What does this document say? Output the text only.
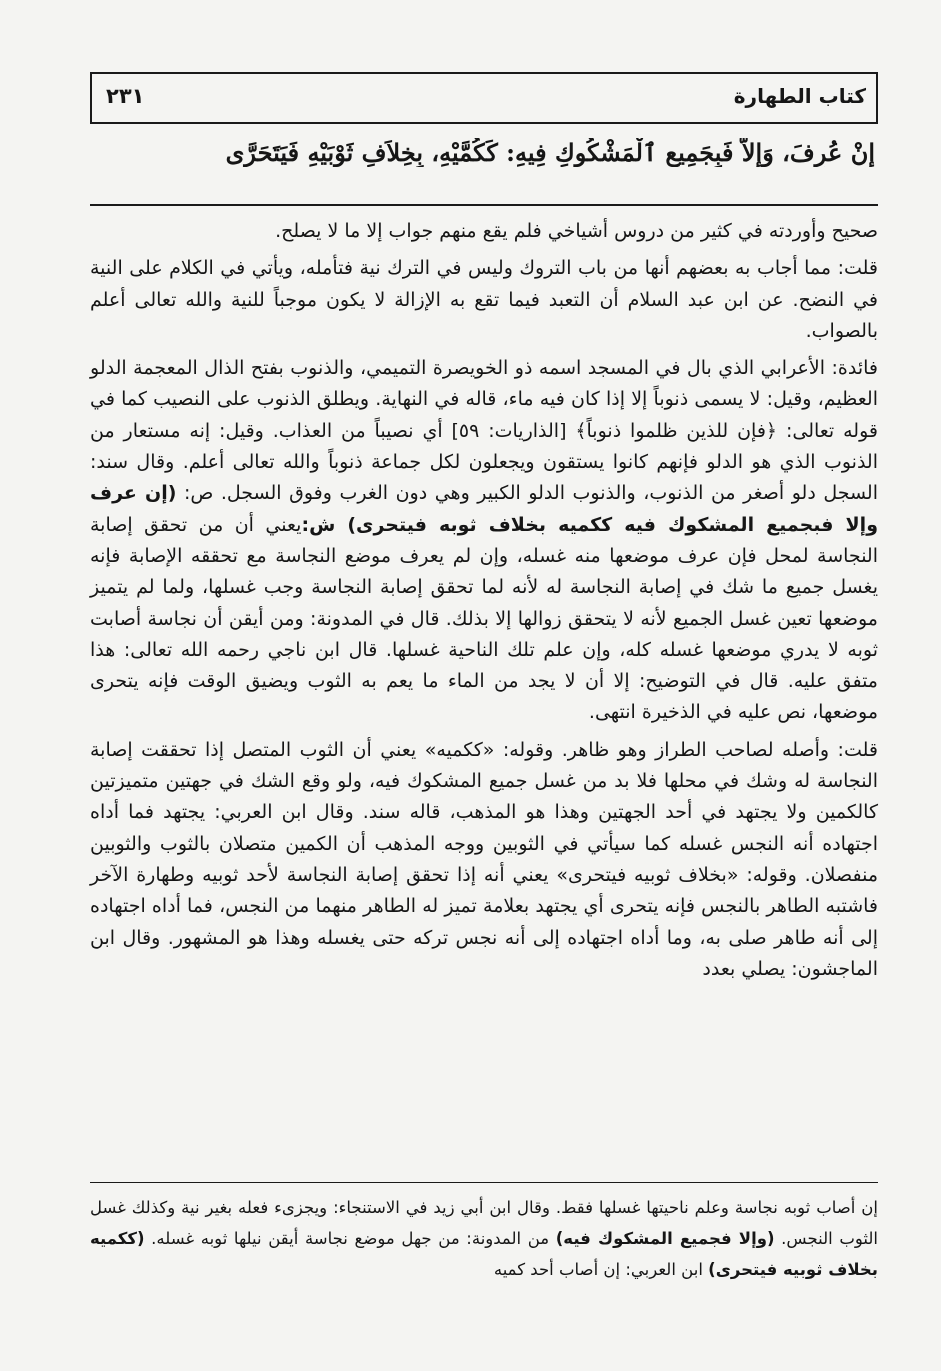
كتاب الطهارة
٢٣١
إِنْ عُرِفَ، وَإِلاَّ فَبِجَمِيعِ ٱلْمَشْكُوكِ فِيهِ: كَكُمَّيْهِ، بِخِلاَفِ ثَوْبَيْهِ فَيَتَحَرَّى

صحيح وأوردته في كثير من دروس أشياخي فلم يقع منهم جواب إلا ما لا يصلح.

قلت: مما أجاب به بعضهم أنها من باب التروك وليس في الترك نية فتأمله، ويأتي في الكلام على النية في النضح. عن ابن عبد السلام أن التعبد فيما تقع به الإزالة لا يكون موجباً للنية والله تعالى أعلم بالصواب.

فائدة: الأعرابي الذي بال في المسجد اسمه ذو الخويصرة التميمي، والذنوب بفتح الذال المعجمة الدلو العظيم، وقيل: لا يسمى ذنوباً إلا إذا كان فيه ماء، قاله في النهاية. ويطلق الذنوب على النصيب كما في قوله تعالى: ﴿فإن للذين ظلموا ذنوباً﴾ [الذاريات: ٥٩] أي نصيباً من العذاب. وقيل: إنه مستعار من الذنوب الذي هو الدلو فإنهم كانوا يستقون ويجعلون لكل جماعة ذنوباً والله تعالى أعلم. وقال سند: السجل دلو أصغر من الذنوب، والذنوب الدلو الكبير وهي دون الغرب وفوق السجل. ص: (إن عرف وإلا فبجميع المشكوك فيه ككميه بخلاف ثوبه فيتحرى) ش:يعني أن من تحقق إصابة النجاسة لمحل فإن عرف موضعها منه غسله، وإن لم يعرف موضع النجاسة مع تحققه الإصابة فإنه يغسل جميع ما شك في إصابة النجاسة له لأنه لما تحقق إصابة النجاسة وجب غسلها، ولما لم يتميز موضعها تعين غسل الجميع لأنه لا يتحقق زوالها إلا بذلك. قال في المدونة: ومن أيقن أن نجاسة أصابت ثوبه لا يدري موضعها غسله كله، وإن علم تلك الناحية غسلها. قال ابن ناجي رحمه الله تعالى: هذا متفق عليه. قال في التوضيح: إلا أن لا يجد من الماء ما يعم به الثوب ويضيق الوقت فإنه يتحرى موضعها، نص عليه في الذخيرة انتهى.

قلت: وأصله لصاحب الطراز وهو ظاهر. وقوله: «ككميه» يعني أن الثوب المتصل إذا تحققت إصابة النجاسة له وشك في محلها فلا بد من غسل جميع المشكوك فيه، ولو وقع الشك في جهتين متميزتين كالكمين ولا يجتهد في أحد الجهتين وهذا هو المذهب، قاله سند. وقال ابن العربي: يجتهد فما أداه اجتهاده أنه النجس غسله كما سيأتي في الثوبين ووجه المذهب أن الكمين متصلان بالثوب والثوبين منفصلان. وقوله: «بخلاف ثوبيه فيتحرى» يعني أنه إذا تحقق إصابة النجاسة لأحد ثوبيه وطهارة الآخر فاشتبه الطاهر بالنجس فإنه يتحرى أي يجتهد بعلامة تميز له الطاهر منهما من النجس، فما أداه اجتهاده إلى أنه طاهر صلى به، وما أداه اجتهاده إلى أنه نجس تركه حتى يغسله وهذا هو المشهور. وقال ابن الماجشون: يصلي بعدد

إن أصاب ثوبه نجاسة وعلم ناحيتها غسلها فقط. وقال ابن أبي زيد في الاستنجاء: ويجزىء فعله بغير نية وكذلك غسل الثوب النجس. (وإلا فجميع المشكوك فيه) من المدونة: من جهل موضع نجاسة أيقن نيلها ثوبه غسله. (ككميه بخلاف ثوبيه فيتحرى) ابن العربي: إن أصاب أحد كميه
